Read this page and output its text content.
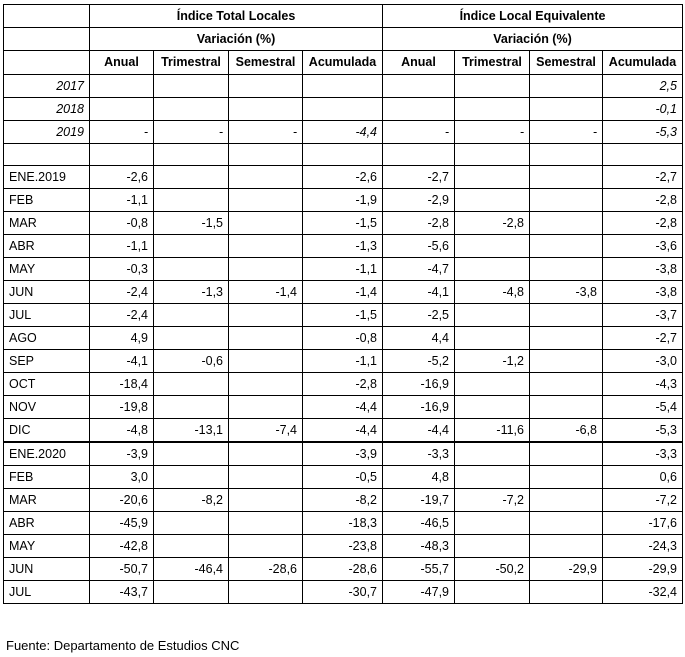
	Índice Total Locales				Índice Local Equivalente			
	Variación (%)				Variación (%)			
	Anual	Trimestral	Semestral	Acumulada	Anual	Trimestral	Semestral	Acumulada
2017								2,5
2018								-0,1
2019	-	-	-	-4,4	-	-	-	-5,3

ENE.2019	-2,6			-2,6	-2,7			-2,7
FEB	-1,1			-1,9	-2,9			-2,8
MAR	-0,8	-1,5		-1,5	-2,8	-2,8		-2,8
ABR	-1,1			-1,3	-5,6			-3,6
MAY	-0,3			-1,1	-4,7			-3,8
JUN	-2,4	-1,3	-1,4	-1,4	-4,1	-4,8	-3,8	-3,8
JUL	-2,4			-1,5	-2,5			-3,7
AGO	4,9			-0,8	4,4			-2,7
SEP	-4,1	-0,6		-1,1	-5,2	-1,2		-3,0
OCT	-18,4			-2,8	-16,9			-4,3
NOV	-19,8			-4,4	-16,9			-5,4
DIC	-4,8	-13,1	-7,4	-4,4	-4,4	-11,6	-6,8	-5,3
ENE.2020	-3,9			-3,9	-3,3			-3,3
FEB	3,0			-0,5	4,8			0,6
MAR	-20,6	-8,2		-8,2	-19,7	-7,2		-7,2
ABR	-45,9			-18,3	-46,5			-17,6
MAY	-42,8			-23,8	-48,3			-24,3
JUN	-50,7	-46,4	-28,6	-28,6	-55,7	-50,2	-29,9	-29,9
JUL	-43,7			-30,7	-47,9			-32,4
Fuente: Departamento de Estudios CNC
